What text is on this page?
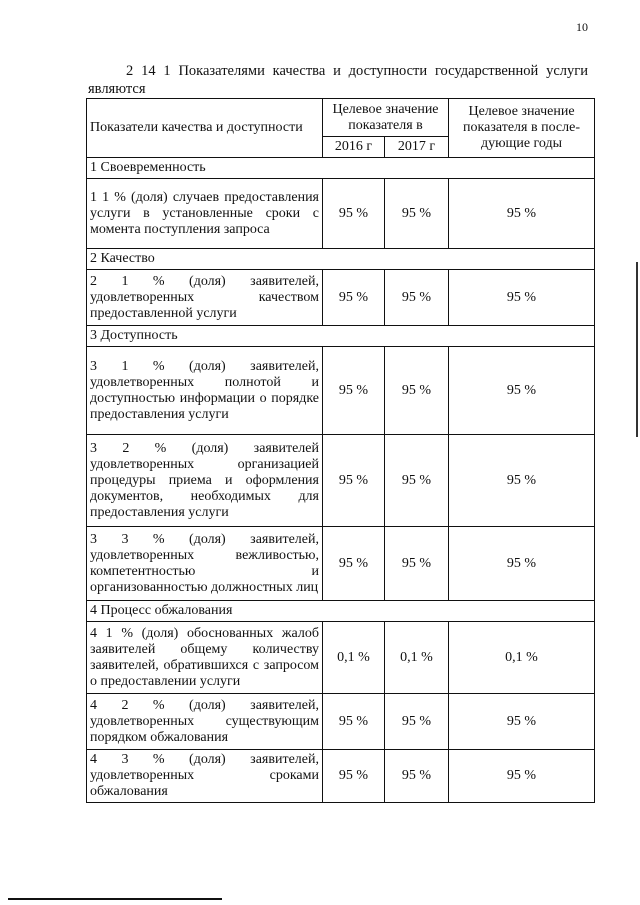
10
2 14 1 Показателями качества и доступности государственной услуги
являются
Показатели качества и доступности	Целевое значение показателя в		Целевое значение показателя в после-дующие годы
	2016 г	2017 г	
1 Своевременность			
1 1 % (доля) случаев предоставления услуги в установленные сроки с момента поступления запроса	95 %	95 %	95 %
2 Качество			
2 1 % (доля) заявителей, удовлетворенных качеством предоставленной услуги	95 %	95 %	95 %
3 Доступность			
3 1 % (доля) заявителей, удовлетворенных полнотой и доступностью информации о порядке предоставления услуги	95 %	95 %	95 %
3 2 % (доля) заявителей удовлетворенных организацией процедуры приема и оформления документов, необходимых для предоставления услуги	95 %	95 %	95 %
3 3 % (доля) заявителей, удовлетворенных вежливостью, компетентностью и организованностью должностных лиц	95 %	95 %	95 %
4 Процесс обжалования			
4 1 % (доля) обоснованных жалоб заявителей общему количеству заявителей, обратившихся с запросом о предоставлении услуги	0,1 %	0,1 %	0,1 %
4 2 % (доля) заявителей, удовлетворенных существующим порядком обжалования	95 %	95 %	95 %
4 3 % (доля) заявителей, удовлетворенных сроками обжалования	95 %	95 %	95 %
